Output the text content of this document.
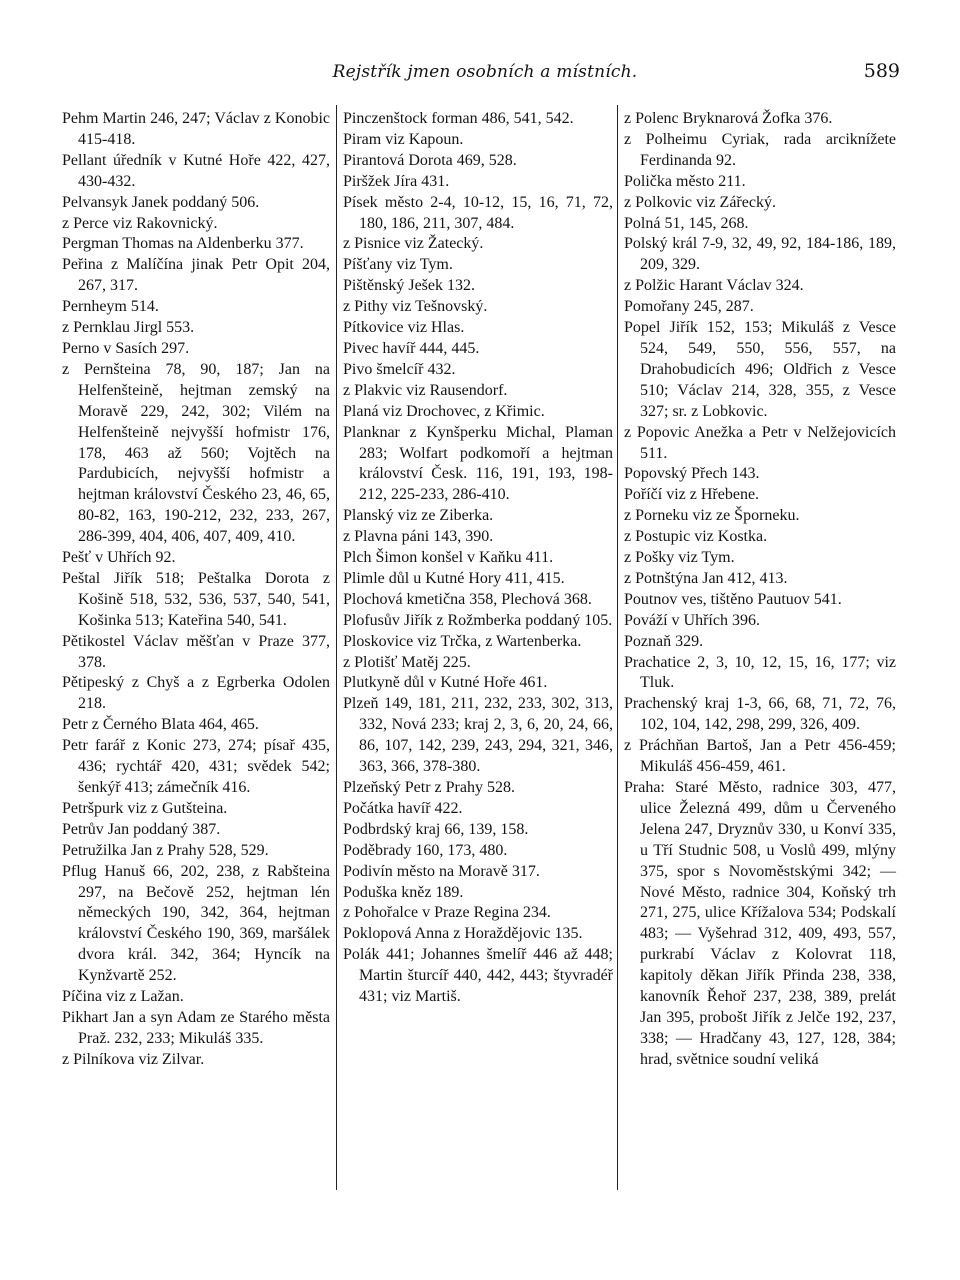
Rejstřík jmen osobních a místních.	589

Pehm Martin 246, 247; Václav z Konobic 415-418.

Pellant úředník v Kutné Hoře 422, 427, 430-432.

Pelvansyk Janek poddaný 506.

z Perce viz Rakovnický.

Pergman Thomas na Aldenberku 377.

Peřina z Malíčína jinak Petr Opit 204, 267, 317.

Pernheym 514.

z Pernklau Jirgl 553.

Perno v Sasích 297.

z Pernšteina 78, 90, 187; Jan na Helfenšteině, hejtman zemský na Moravě 229, 242, 302; Vilém na Helfenšteině nejvyšší hofmistr 176, 178, 463 až 560; Vojtěch na Pardubicích, nejvyšší hofmistr a hejtman království Českého 23, 46, 65, 80-82, 163, 190-212, 232, 233, 267, 286-399, 404, 406, 407, 409, 410.

Pešť v Uhřích 92.

Peštal Jiřík 518; Peštalka Dorota z Košině 518, 532, 536, 537, 540, 541, Košinka 513; Kateřina 540, 541.

Pětikostel Václav měšťan v Praze 377, 378.

Pětipeský z Chyš a z Egrberka Odolen 218.

Petr z Černého Blata 464, 465.

Petr farář z Konic 273, 274; písař 435, 436; rychtář 420, 431; svědek 542; šenkýř 413; zámečník 416.

Petršpurk viz z Gutšteina.

Petrův Jan poddaný 387.

Petružilka Jan z Prahy 528, 529.

Pflug Hanuš 66, 202, 238, z Rabšteina 297, na Bečově 252, hejtman lén německých 190, 342, 364, hejtman království Českého 190, 369, maršálek dvora král. 342, 364; Hyncík na Kynžvartě 252.

Píčina viz z Lažan.

Pikhart Jan a syn Adam ze Starého města Praž. 232, 233; Mikuláš 335.

z Pilníkova viz Zilvar.

Pinczenštock forman 486, 541, 542.

Piram viz Kapoun.

Pirantová Dorota 469, 528.

Piršžek Jíra 431.

Písek město 2-4, 10-12, 15, 16, 71, 72, 180, 186, 211, 307, 484.

z Pisnice viz Žatecký.

Píšťany viz Tym.

Pištěnský Ješek 132.

z Pithy viz Tešnovský.

Pítkovice viz Hlas.

Pivec havíř 444, 445.

Pivo šmelcíř 432.

z Plakvic viz Rausendorf.

Planá viz Drochovec, z Křimic.

Planknar z Kynšperku Michal, Plaman 283; Wolfart podkomoří a hejtman království Česk. 116, 191, 193, 198-212, 225-233, 286-410.

Planský viz ze Ziberka.

z Plavna páni 143, 390.

Plch Šimon konšel v Kaňku 411.

Plimle důl u Kutné Hory 411, 415.

Plochová kmetična 358, Plechová 368.

Plofusův Jiřík z Rožmberka poddaný 105.

Ploskovice viz Trčka, z Wartenberka.

z Plotišť Matěj 225.

Plutkyně důl v Kutné Hoře 461.

Plzeň 149, 181, 211, 232, 233, 302, 313, 332, Nová 233; kraj 2, 3, 6, 20, 24, 66, 86, 107, 142, 239, 243, 294, 321, 346, 363, 366, 378-380.

Plzeňský Petr z Prahy 528.

Počátka havíř 422.

Podbrdský kraj 66, 139, 158.

Poděbrady 160, 173, 480.

Podivín město na Moravě 317.

Poduška kněz 189.

z Pohořalce v Praze Regina 234.

Poklopová Anna z Horaždějovic 135.

Polák 441; Johannes šmelíř 446 až 448; Martin šturcíř 440, 442, 443; štyvradéř 431; viz Martiš.

z Polenc Bryknarová Žofka 376.

z Polheimu Cyriak, rada arciknížete Ferdinanda 92.

Polička město 211.

z Polkovic viz Zářecký.

Polná 51, 145, 268.

Polský král 7-9, 32, 49, 92, 184-186, 189, 209, 329.

z Polžic Harant Václav 324.

Pomořany 245, 287.

Popel Jiřík 152, 153; Mikuláš z Vesce 524, 549, 550, 556, 557, na Drahobudicích 496; Oldřich z Vesce 510; Václav 214, 328, 355, z Vesce 327; sr. z Lobkovic.

z Popovic Anežka a Petr v Nelžejovicích 511.

Popovský Přech 143.

Poříčí viz z Hřebene.

z Porneku viz ze Šporneku.

z Postupic viz Kostka.

z Pošky viz Tym.

z Potnštýna Jan 412, 413.

Poutnov ves, tištěno Pautuov 541.

Pováží v Uhřích 396.

Poznaň 329.

Prachatice 2, 3, 10, 12, 15, 16, 177; viz Tluk.

Prachenský kraj 1-3, 66, 68, 71, 72, 76, 102, 104, 142, 298, 299, 326, 409.

z Práchňan Bartoš, Jan a Petr 456-459; Mikuláš 456-459, 461.

Praha: Staré Město, radnice 303, 477, ulice Železná 499, dům u Červeného Jelena 247, Dryznův 330, u Konví 335, u Tří Studnic 508, u Voslů 499, mlýny 375, spor s Novoměstskými 342; — Nové Město, radnice 304, Koňský trh 271, 275, ulice Křížalova 534; Podskalí 483; — Vyšehrad 312, 409, 493, 557, purkrabí Václav z Kolovrat 118, kapitoly děkan Jiřík Přinda 238, 338, kanovník Řehoř 237, 238, 389, prelát Jan 395, probošt Jiřík z Jelče 192, 237, 338; — Hradčany 43, 127, 128, 384; hrad, světnice soudní veliká
